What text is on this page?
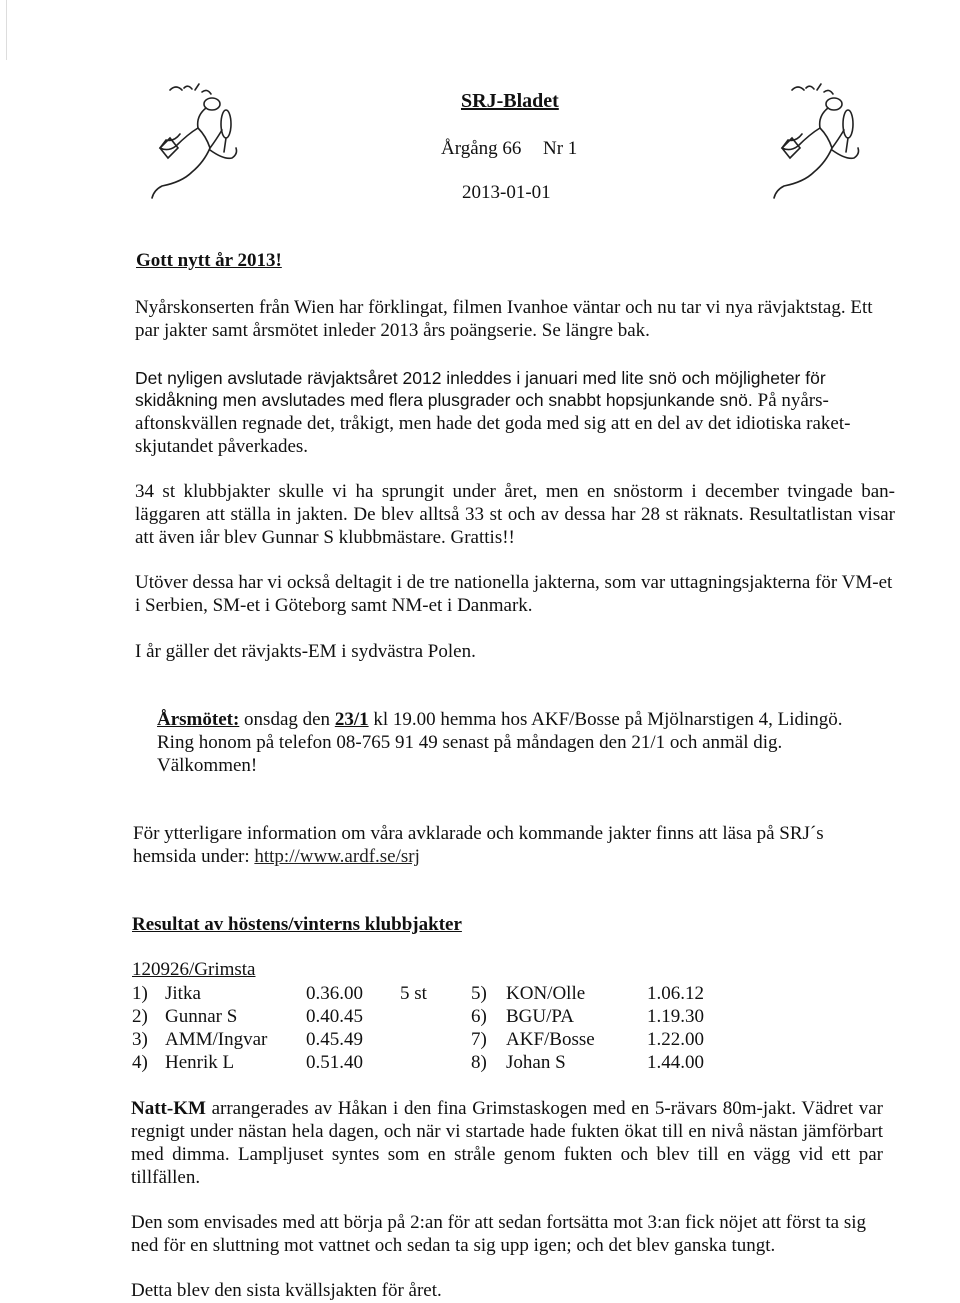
SRJ-Bladet
Årgång 66 Nr 1
2013-01-01
Gott nytt år 2013!
Nyårskonserten från Wien har förklingat, filmen Ivanhoe väntar och nu tar vi nya rävjaktstag. Ett par jakter samt årsmötet inleder 2013 års poängserie. Se längre bak.
Det nyligen avslutade rävjaktsåret 2012 inleddes i januari med lite snö och möjligheter för
skidåkning men avslutades med flera plusgrader och snabbt hopsjunkande snö. På nyårs-aftonskvällen regnade det, tråkigt, men hade det goda med sig att en del av det idiotiska raket-skjutandet påverkades.
34 st klubbjakter skulle vi ha sprungit under året, men en snöstorm i december tvingade ban-läggaren att ställa in jakten. De blev alltså 33 st och av dessa har 28 st räknats. Resultatlistan visar att även iår blev Gunnar S klubbmästare. Grattis!!
Utöver dessa har vi också deltagit i de tre nationella jakterna, som var uttagningsjakterna för VM-et i Serbien, SM-et i Göteborg samt NM-et i Danmark.
I år gäller det rävjakts-EM i sydvästra Polen.
Årsmötet: onsdag den 23/1 kl 19.00 hemma hos AKF/Bosse på Mjölnarstigen 4, Lidingö.
Ring honom på telefon 08-765 91 49 senast på måndagen den 21/1 och anmäl dig.
Välkommen!
För ytterligare information om våra avklarade och kommande jakter finns att läsa på SRJ´s
hemsida under: http://www.ardf.se/srj
Resultat av höstens/vinterns klubbjakter
120926/Grimsta
1) Jitka	0.36.00 5 st 5) KON/Olle	1.06.12
2) Gunnar S	0.40.45	6) BGU/PA	1.19.30
3) AMM/Ingvar 0.45.49	7) AKF/Bosse	1.22.00
4) Henrik L	0.51.40	8) Johan S	1.44.00
Natt-KM arrangerades av Håkan i den fina Grimstaskogen med en 5-rävars 80m-jakt. Vädret var regnigt under nästan hela dagen, och när vi startade hade fukten ökat till en nivå nästan jämförbart med dimma. Lampljuset syntes som en stråle genom fukten och blev till en vägg vid ett par tillfällen.
Den som envisades med att börja på 2:an för att sedan fortsätta mot 3:an fick nöjet att först ta sig ned för en sluttning mot vattnet och sedan ta sig upp igen; och det blev ganska tungt.
Detta blev den sista kvällsjakten för året.
